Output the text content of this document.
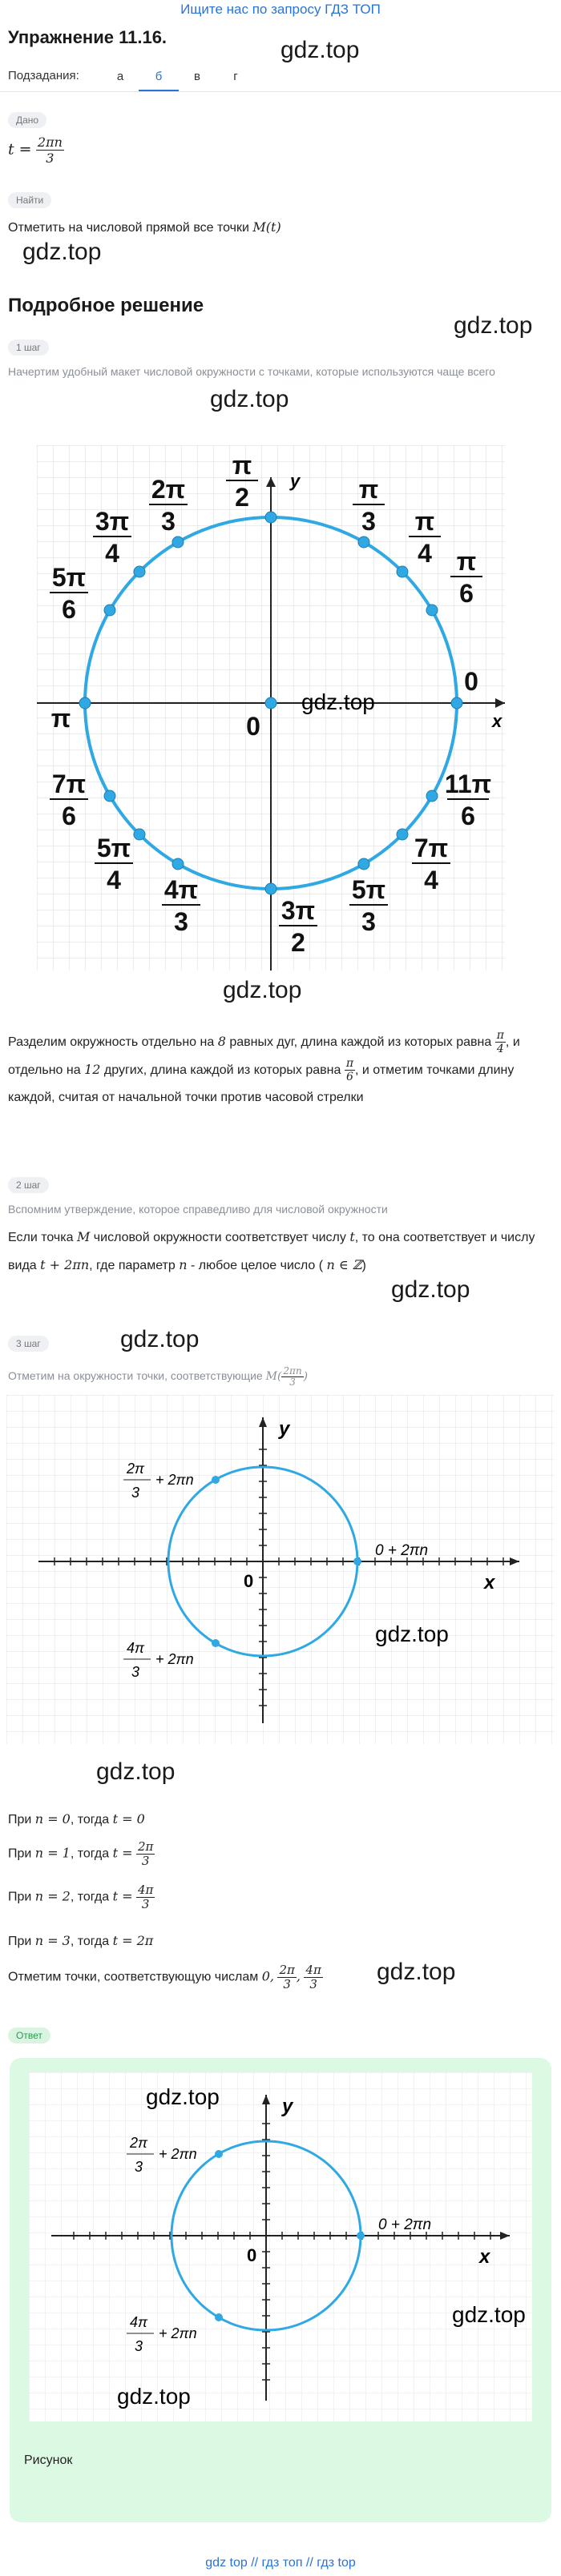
Ищите нас по запросу ГДЗ ТОП
Упражнение 11.16.	gdz.top
Подзадания:	а	б	в	г
Дано
$t = \frac{2\pi n}{3}$
Найти
Отметить на числовой прямой все точки M(t)
gdz.top
Подробное решение
gdz.top
1 шаг
Начертим удобный макет числовой окружности с точками, которые используются чаще всего
gdz.top
π
2	π
3 π
4 π
6
0
0
π
2π
3
3π
4
5π
6
7π
6
5π
4 4π
3	3π
2
5π
3
7π
4
11π
6
x
y
gdz.top
gdz.top
Разделим окружность отдельно на 8 равных дуг, длина каждой из которых равна $\frac{\pi}{4}$ , и отдельно на 12 других, длина каждой из которых равна $\frac{\pi}{6}$ , и отметим точками длину каждой, считая от начальной точки против часовой стрелки
2 шаг
Вспомним утверждение, которое справедливо для числовой окружности
Если точка M числовой окружности соответствует числу t, то она соответствует и числу вида t + 2πn, где параметр n - любое целое число ( n ∈ ℤ)
gdz.top
3 шаг	gdz.top
Отметим на окружности точки, соответствующие $M( \frac{2\pi n}{3}$ )
0	x
y
0 + 2πn
2π
3
+ 2πn
4π
3
+ 2πn
gdz.top
gdz.top
При n = 0, тогда t = 0
При n = 1, тогда $t = \frac{2\pi}{3}$
При n = 2, тогда $t = \frac{4\pi}{3}$
При n = 3, тогда t = 2π
Отметим точки, соответствующую числам 0, $\frac{2\pi}{3}$ , $\frac{4\pi}{3} gdz.top$
Ответ
0	x
y
0 + 2πn
2π
3
+ 2πn
4π
3
+ 2πn
gdz.top
gdz.top
gdz.top
Рисунок
gdz top // гдз топ // гдз top
